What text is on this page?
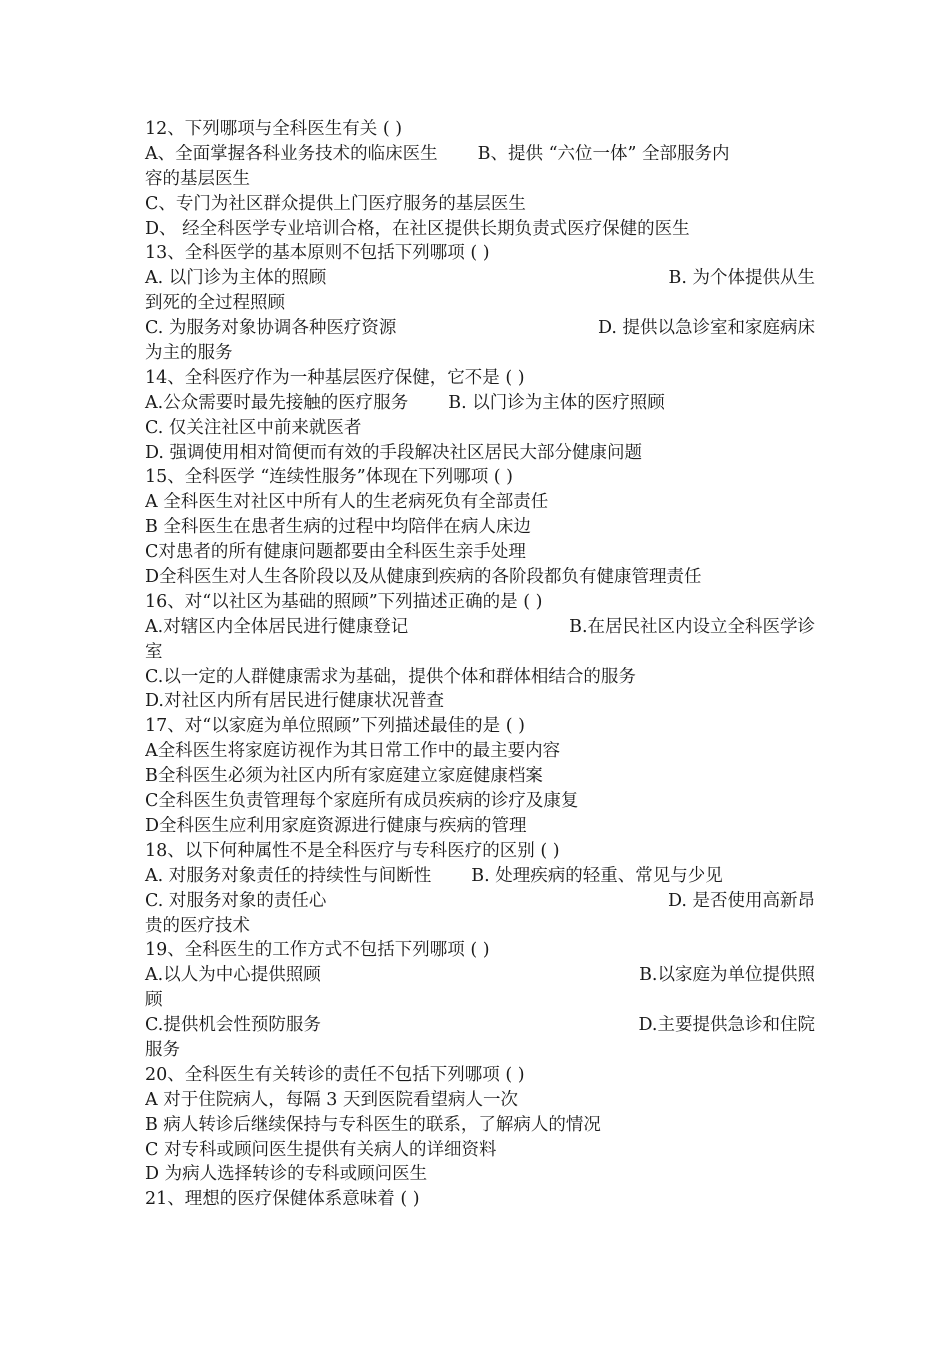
12、下列哪项与全科医生有关 ( )
A、全面掌握各科业务技术的临床医生 B、提供 “六位一体” 全部服务内
容的基层医生
C、专门为社区群众提供上门医疗服务的基层医生
D、 经全科医学专业培训合格，在社区提供长期负责式医疗保健的医生
13、全科医学的基本原则不包括下列哪项 ( )
A. 以门诊为主体的照顾	B. 为个体提供从生
到死的全过程照顾
C. 为服务对象协调各种医疗资源	D. 提供以急诊室和家庭病床
为主的服务
14、全科医疗作为一种基层医疗保健，它不是 ( )
A.公众需要时最先接触的医疗服务 B. 以门诊为主体的医疗照顾
C. 仅关注社区中前来就医者
D. 强调使用相对简便而有效的手段解决社区居民大部分健康问题
15、全科医学 “连续性服务”体现在下列哪项 ( )
A 全科医生对社区中所有人的生老病死负有全部责任
B 全科医生在患者生病的过程中均陪伴在病人床边
C对患者的所有健康问题都要由全科医生亲手处理
D全科医生对人生各阶段以及从健康到疾病的各阶段都负有健康管理责任
16、对“以社区为基础的照顾”下列描述正确的是 ( )
A.对辖区内全体居民进行健康登记	B.在居民社区内设立全科医学诊
室
C.以一定的人群健康需求为基础，提供个体和群体相结合的服务
D.对社区内所有居民进行健康状况普查
17、对“以家庭为单位照顾”下列描述最佳的是 ( )
A全科医生将家庭访视作为其日常工作中的最主要内容
B全科医生必须为社区内所有家庭建立家庭健康档案
C全科医生负责管理每个家庭所有成员疾病的诊疗及康复
D全科医生应利用家庭资源进行健康与疾病的管理
18、以下何种属性不是全科医疗与专科医疗的区别 ( )
A. 对服务对象责任的持续性与间断性 B. 处理疾病的轻重、常见与少见
C. 对服务对象的责任心	D. 是否使用高新昂
贵的医疗技术
19、全科医生的工作方式不包括下列哪项 ( )
A.以人为中心提供照顾	B.以家庭为单位提供照
顾
C.提供机会性预防服务	D.主要提供急诊和住院
服务
20、全科医生有关转诊的责任不包括下列哪项 ( )
A 对于住院病人，每隔 3 天到医院看望病人一次
B 病人转诊后继续保持与专科医生的联系，了解病人的情况
C 对专科或顾问医生提供有关病人的详细资料
D 为病人选择转诊的专科或顾问医生
21、理想的医疗保健体系意味着 ( )
